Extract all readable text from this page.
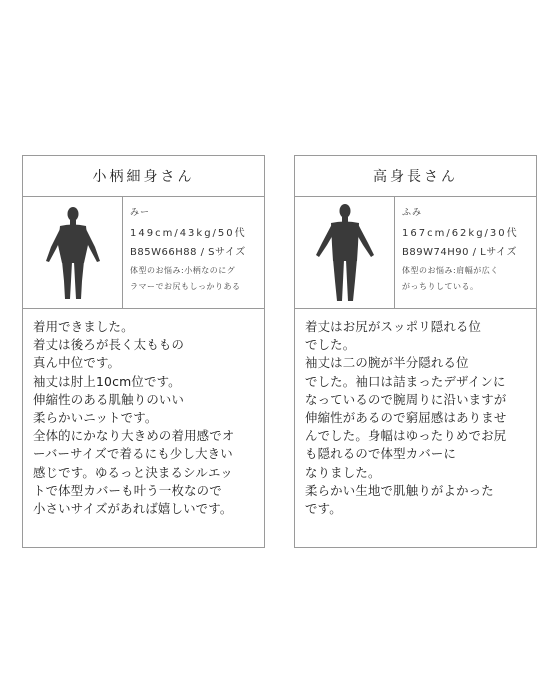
小柄細身さん
みー
149cm/43kg/50代
B85W66H88 / Sサイズ
体型のお悩み:小柄なのにグ
ラマーでお尻もしっかりある
着用できました。
着丈は後ろが長く太ももの
真ん中位です。
袖丈は肘上10cm位です。
伸縮性のある肌触りのいい
柔らかいニットです。
全体的にかなり大きめの着用感でオ
ーバーサイズで着るにも少し大きい
感じです。ゆるっと決まるシルエッ
トで体型カバーも叶う一枚なので
小さいサイズがあれば嬉しいです。
高身長さん
ふみ
167cm/62kg/30代
B89W74H90 / Lサイズ
体型のお悩み:肩幅が広く
がっちりしている。
着丈はお尻がスッポリ隠れる位
でした。
袖丈は二の腕が半分隠れる位
でした。袖口は詰まったデザインに
なっているので腕周りに沿いますが
伸縮性があるので窮屈感はありませ
んでした。身幅はゆったりめでお尻
も隠れるので体型カバーに
なりました。
柔らかい生地で肌触りがよかった
です。
